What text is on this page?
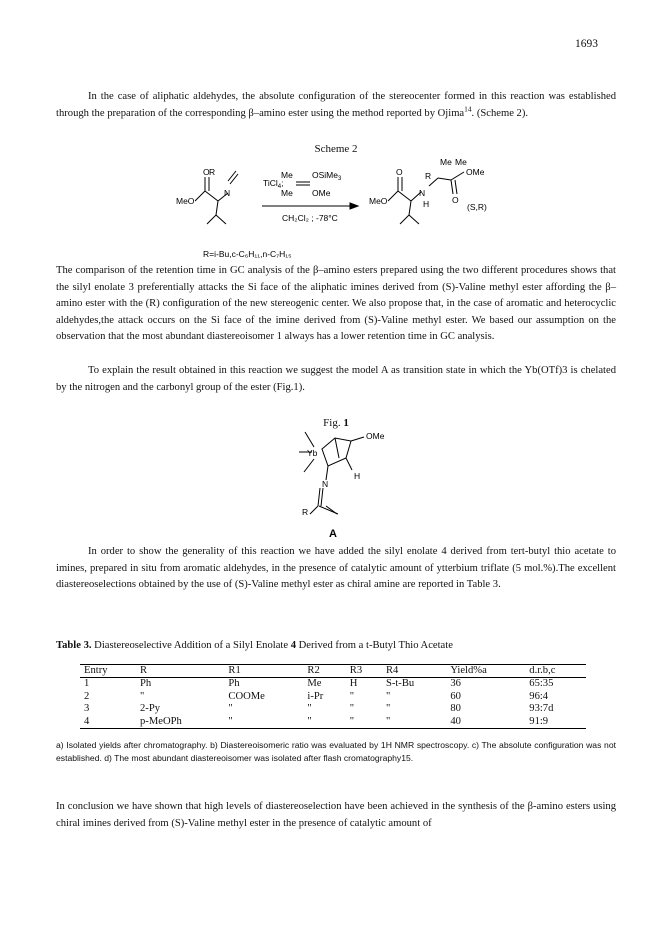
1693

In the case of aliphatic aldehydes, the absolute configuration of the stereocenter formed in this reaction was established through the preparation of the corresponding β–amino ester using the method reported by Ojima$^{14}$. (Scheme 2).

Scheme 2
R
O
N
MeO
TiCl$_4$;
Me OSiMe$_3$
Me OMe
CH₂Cl₂ ; -78°C
Me Me
R	OMe
O
N
H	O
MeO
(S,R)
R=i-Bu,c-C₆H₁₁,n-C₇H₁₅

The comparison of the retention time in GC analysis of the β–amino esters prepared using the two different procedures shows that the silyl enolate 3 preferentially attacks the Si face of the aliphatic imines derived from (S)-Valine methyl ester affording the β– amino ester with the (R) configuration of the new stereogenic center. We also propose that, in the case of aromatic and heterocyclic aldehydes,the attack occurs on the Si face of the imine derived from (S)-Valine methyl ester. We based our assumption on the observation that the most abundant diastereoisomer 1 always has a lower retention time in GC analysis.

To explain the result obtained in this reaction we suggest the model A as transition state in which the Yb(OTf)3 is chelated by the nitrogen and the carbonyl group of the ester (Fig.1).

Fig. 1
Yb
OMe
H
N
R
A

In order to show the generality of this reaction we have added the silyl enolate 4 derived from tert-butyl thio acetate to imines, prepared in situ from aromatic aldehydes, in the presence of catalytic amount of ytterbium triflate (5 mol.%).The excellent diastereoselections obtained by the use of (S)-Valine methyl ester as chiral amine are reported in Table 3.

Table 3. Diastereoselective Addition of a Silyl Enolate 4 Derived from a t-Butyl Thio Acetate
Entry	R	R1	R2	R3	R4	Yield%a	d.r.b,c
1	Ph	Ph	Me	H	S-t-Bu	36	65:35
2	"	COOMe	i-Pr	"	"	60	96:4
3	2-Py	"	"	"	"	80	93:7d
4	p-MeOPh	"	"	"	"	40	91:9
a) Isolated yields after chromatography. b) Diastereoisomeric ratio was evaluated by 1H NMR spectroscopy. c) The absolute configuration was not established. d) The most abundant diastereoisomer was isolated after flash cromatography15.

In conclusion we have shown that high levels of diastereoselection have been achieved in the synthesis of the β-amino esters using chiral imines derived from (S)-Valine methyl ester in the presence of catalytic amount of
